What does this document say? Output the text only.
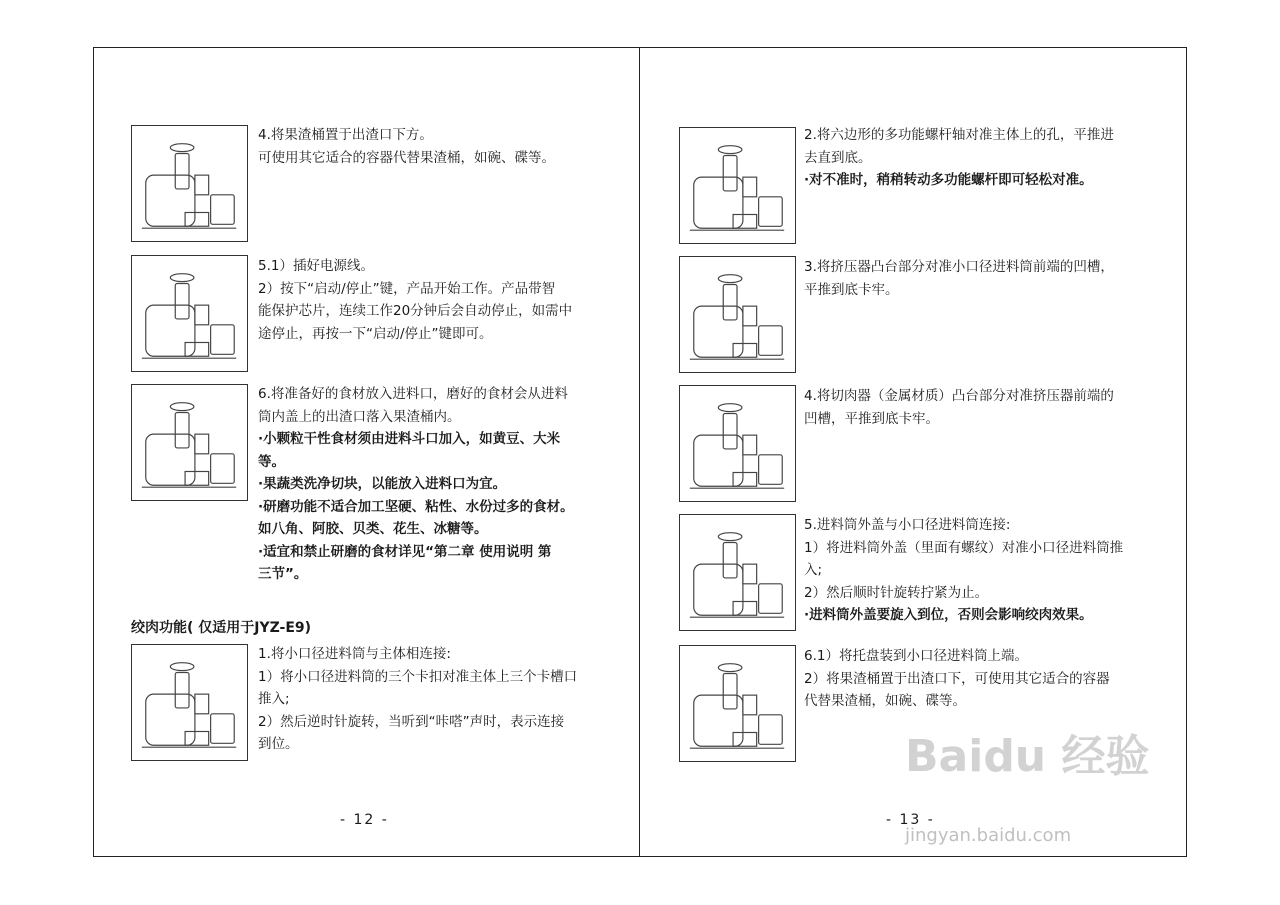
4.将果渣桶置于出渣口下方。
可使用其它适合的容器代替果渣桶，如碗、碟等。
5.1）插好电源线。
2）按下“启动/停止”键，产品开始工作。产品带智
能保护芯片，连续工作20分钟后会自动停止，如需中
途停止，再按一下“启动/停止”键即可。
6.将准备好的食材放入进料口，磨好的食材会从进料
筒内盖上的出渣口落入果渣桶内。
·小颗粒干性食材须由进料斗口加入，如黄豆、大米
等。
·果蔬类洗净切块，以能放入进料口为宜。
·研磨功能不适合加工坚硬、粘性、水份过多的食材。
如八角、阿胶、贝类、花生、冰糖等。
·适宜和禁止研磨的食材详见“第二章 使用说明 第
三节”。
1.将小口径进料筒与主体相连接:
1）将小口径进料筒的三个卡扣对准主体上三个卡槽口
推入;
2）然后逆时针旋转，当听到“咔嗒”声时，表示连接
到位。
2.将六边形的多功能螺杆轴对准主体上的孔，平推进
去直到底。
·对不准时，稍稍转动多功能螺杆即可轻松对准。
3.将挤压器凸台部分对准小口径进料筒前端的凹槽，
平推到底卡牢。
4.将切肉器（金属材质）凸台部分对准挤压器前端的
凹槽，平推到底卡牢。
5.进料筒外盖与小口径进料筒连接:
1）将进料筒外盖（里面有螺纹）对准小口径进料筒推
入;
2）然后顺时针旋转拧紧为止。
·进料筒外盖要旋入到位，否则会影响绞肉效果。
6.1）将托盘装到小口径进料筒上端。
2）将果渣桶置于出渣口下，可使用其它适合的容器
代替果渣桶，如碗、碟等。
绞肉功能( 仅适用于JYZ-E9)
- 12 -	- 13 -
Baidu 经验
jingyan.baidu.com
